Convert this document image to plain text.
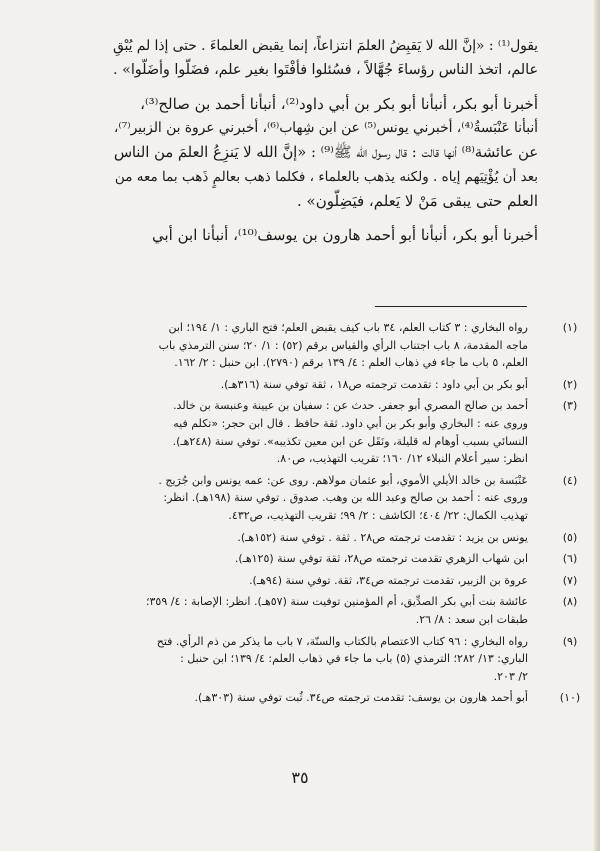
يقول⁽¹⁾ : «إنَّ الله لا يَقبِضُ العلمَ انتزاعاً، إنما يقبض العلماءَ . حتى إذا لم يُبْقِ
عالم، اتخذ الناس رؤساءَ جُهَّالاً ، فسُئلوا فأفْتَوا بغير علم، فضَلُّوا وأضَلُّوا» .

أخبرنا أبو بكر، أنبأنا أبو بكر بن أبي داود⁽²⁾، أنبأنا أحمد بن صالح⁽³⁾،
أنبأنا عَنْبَسةُ⁽⁴⁾، أخبرني يونس⁽⁵⁾ عن ابن شِهاب⁽⁶⁾، أخبرني عروة بن الزبير⁽⁷⁾،
عن عائشة⁽⁸⁾ أنها قالت : قال رسول الله ﷺ⁽⁹⁾ : «إنَّ الله لا يَنزِعُ العلمَ من الناس
بعد أن يُؤْتِيَهم إياه . ولكنه يذهب بالعلماء ، فكلما ذهب بعالمٍ ذَهب بما معه من
العلم حتى يبقى مَنْ لا يَعلم، فيَضِلُّون» .

أخبرنا أبو بكر، أنبأنا أبو أحمد هارون بن يوسف⁽¹⁰⁾، أنبأنا ابن أبي

(١)
رواه البخاري : ٣ كتاب العلم، ٣٤ باب كيف يقبض العلم؛ فتح الباري : ١/ ١٩٤؛ ابن
ماجه المقدمة، ٨ باب اجتناب الرأي والقياس برقم (٥٢) : ١/ ٢٠؛ سنن الترمذي باب
العلم، ٥ باب ما جاء في ذهاب العلم : ٤/ ١٣٩ برقم (٢٧٩٠). ابن حنبل : ٢/ ١٦٢.
(٢)
أبو بكر بن أبي داود : تقدمت ترجمته ص١٨ ، ثقة توفي سنة (٣١٦هـ).
(٣)
أحمد بن صالح المصري أبو جعفر. حدث عن : سفيان بن عيينة وعنبسة بن خالد.
وروى عنه : البخاري وأبو بكر بن أبي داود. ثقة حافظ . قال ابن حجر: «تكلم فيه
النسائي بسبب أوهام له قليلة، ونَقَل عن ابن معين تكذيبه». توفي سنة (٢٤٨هـ).
انظر: سير أعلام النبلاء ١٢/ ١٦٠؛ تقريب التهذيب، ص٨٠.
(٤)
عَنْبَسة بن خالد الأيلي الأموي، أبو عثمان مولاهم. روى عن: عمه يونس وابن جُرَيج .
وروى عنه : أحمد بن صالح وعبد الله بن وهب. صدوق . توفي سنة (١٩٨هـ). انظر:
تهذيب الكمال: ٢٢/ ٤٠٤؛ الكاشف : ٢/ ٩٩؛ تقريب التهذيب، ص٤٣٢.
(٥)
يونس بن يزيد : تقدمت ترجمته ص٢٨ . ثقة . توفي سنة (١٥٢هـ).
(٦)
ابن شهاب الزهري تقدمت ترجمته ص٢٨، ثقة توفي سنة (١٢٥هـ).
(٧)
عروة بن الزبير، تقدمت ترجمته ص٣٤، ثقة. توفي سنة (٩٤هـ).
(٨)
عائشة بنت أبي بكر الصدِّيق، أم المؤمنين توفيت سنة (٥٧هـ). انظر: الإصابة : ٤/ ٣٥٩؛
طبقات ابن سعد : ٨/ ٢٦.
(٩)
رواه البخاري : ٩٦ كتاب الاعتصام بالكتاب والسنّة، ٧ باب ما يذكر من ذم الرأي. فتح
الباري: ١٣/ ٢٨٢؛ الترمذي (٥) باب ما جاء في ذهاب العلم: ٤/ ١٣٩؛ ابن حنبل :
٢/ ٢٠٣.
(١٠)
أبو أحمد هارون بن يوسف: تقدمت ترجمته ص٣٤. ثُبت توفي سنة (٣٠٣هـ).
٣٥
